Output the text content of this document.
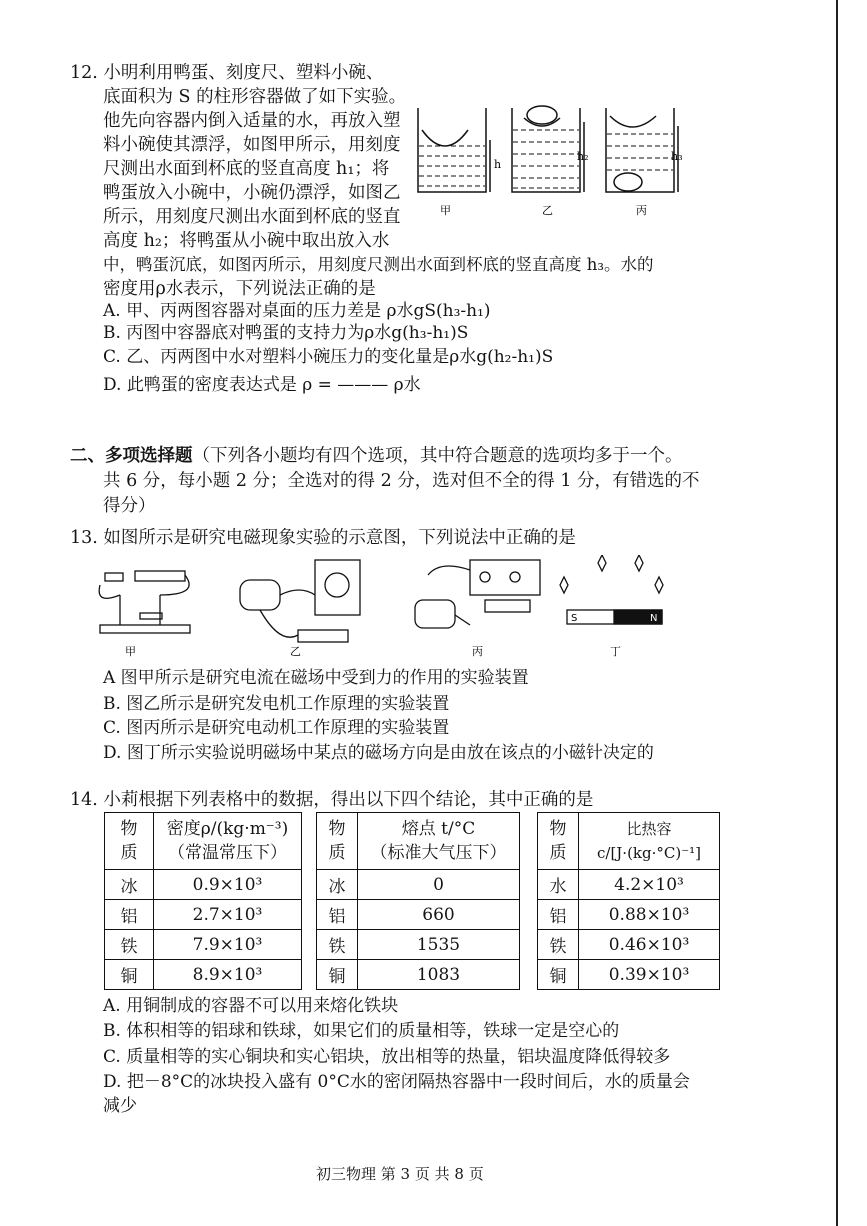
12. 小明利用鸭蛋、刻度尺、塑料小碗、
底面积为 S 的柱形容器做了如下实验。
他先向容器内倒入适量的水，再放入塑
料小碗使其漂浮，如图甲所示，用刻度
尺测出水面到杯底的竖直高度 h₁；将
鸭蛋放入小碗中，小碗仍漂浮，如图乙
所示，用刻度尺测出水面到杯底的竖直
高度 h₂；将鸭蛋从小碗中取出放入水
中，鸭蛋沉底，如图丙所示，用刻度尺测出水面到杯底的竖直高度 h₃。水的
密度用ρ水表示，下列说法正确的是
h
h₂	h₃
甲	乙	丙
A. 甲、丙两图容器对桌面的压力差是 ρ水gS(h₃-h₁)
B. 丙图中容器底对鸭蛋的支持力为ρ水g(h₃-h₁)S
C. 乙、丙两图中水对塑料小碗压力的变化量是ρ水g(h₂-h₁)S
D. 此鸭蛋的密度表达式是 ρ = ——— ρ水
二、多项选择题（下列各小题均有四个选项，其中符合题意的选项均多于一个。
共 6 分，每小题 2 分；全选对的得 2 分，选对但不全的得 1 分，有错选的不
得分）
13. 如图所示是研究电磁现象实验的示意图，下列说法中正确的是
S	N
甲	乙	丙	丁
A 图甲所示是研究电流在磁场中受到力的作用的实验装置
B. 图乙所示是研究发电机工作原理的实验装置
C. 图丙所示是研究电动机工作原理的实验装置
D. 图丁所示实验说明磁场中某点的磁场方向是由放在该点的小磁针决定的
14. 小莉根据下列表格中的数据，得出以下四个结论，其中正确的是
物
质	密度ρ/(kg·m⁻³)
（常温常压下）
冰	0.9×10³
铝	2.7×10³
铁	7.9×10³
铜	8.9×10³
物
质	熔点 t/°C
（标准大气压下）
冰	0
铝	660
铁	1535
铜	1083
物
质	比热容
c/[J·(kg·°C)⁻¹]
水	4.2×10³
铝	0.88×10³
铁	0.46×10³
铜	0.39×10³
A. 用铜制成的容器不可以用来熔化铁块
B. 体积相等的铝球和铁球，如果它们的质量相等，铁球一定是空心的
C. 质量相等的实心铜块和实心铝块，放出相等的热量，铝块温度降低得较多
D. 把－8°C的冰块投入盛有 0°C水的密闭隔热容器中一段时间后，水的质量会
减少
初三物理 第 3 页 共 8 页
